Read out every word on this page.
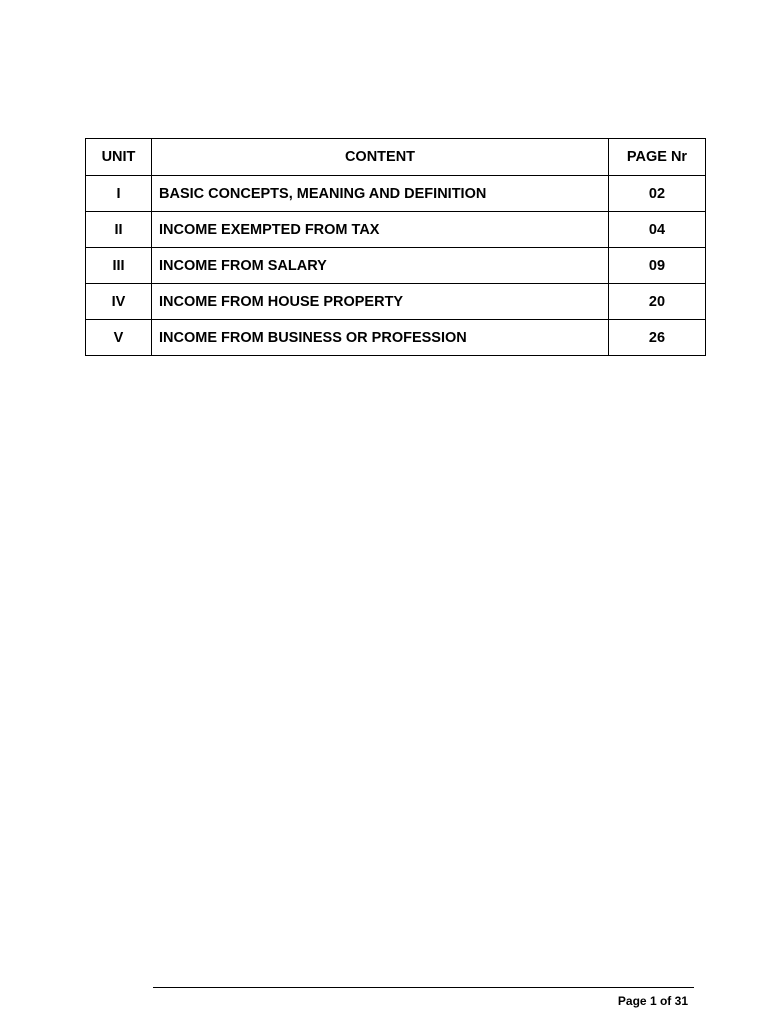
UNIT	CONTENT	PAGE Nr
I	BASIC CONCEPTS, MEANING AND DEFINITION	02
II	INCOME EXEMPTED FROM TAX	04
III	INCOME FROM SALARY	09
IV	INCOME FROM HOUSE PROPERTY	20
V	INCOME FROM BUSINESS OR PROFESSION	26
Page 1 of 31
